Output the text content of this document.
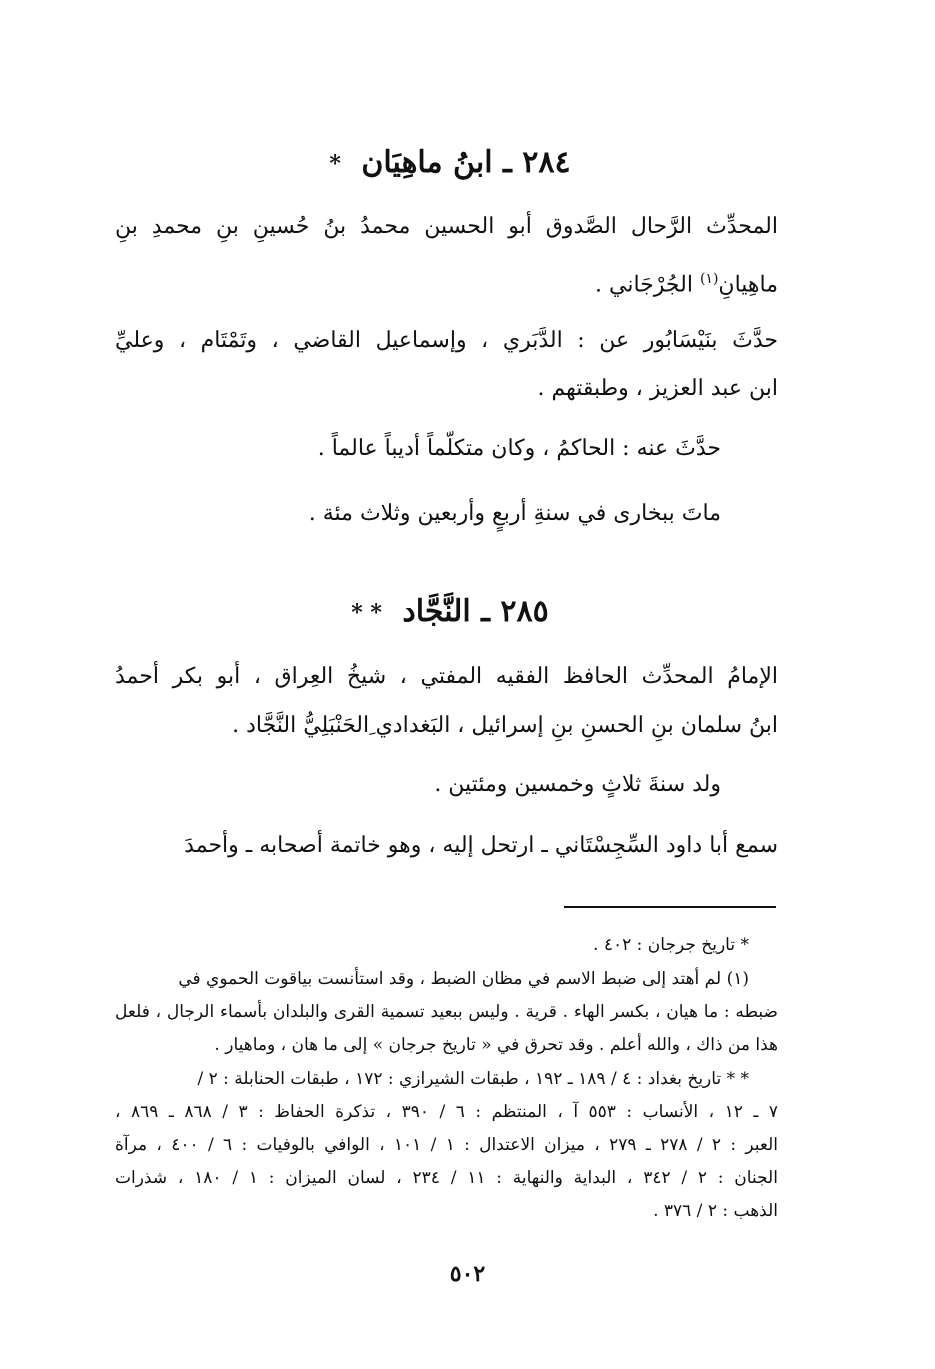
٢٨٤ ـ ابنُ ماهِيَان *
المحدِّث الرَّحال الصَّدوق أبو الحسين محمدُ بنُ حُسينِ بنِ محمدِ بنِ
ماهِيانِ$^{(١)}$ الجُرْجَاني .
حدَّثَ بنَيْسَابُور عن : الدَّبَري ، وإسماعيل القاضي ، وتَمْتَام ، وعليِّ
ابن عبد العزيز ، وطبقتهم .
حدَّثَ عنه : الحاكمُ ، وكان متكلّماً أديباً عالماً .
ماتَ ببخارى في سنةِ أربعٍ وأربعين وثلاث مئة .
٢٨٥ ـ النَّجَّاد * *
الإمامُ المحدِّث الحافظ الفقيه المفتي ، شيخُ العِراق ، أبو بكر أحمدُ
ابنُ سلمان بنِ الحسنِ بنِ إسرائيل ، البَغدادي ِالحَنْبَلِيُّ النَّجَّاد .
ولد سنةَ ثلاثٍ وخمسين ومئتين .
سمع أبا داود السِّجِسْتَاني ـ ارتحل إليه ، وهو خاتمة أصحابه ـ وأحمدَ
* تاريخ جرجان : ٤٠٢ .
(١) لم أهتد إلى ضبط الاسم في مظان الضبط ، وقد استأنست بياقوت الحموي في
ضبطه : ما هيان ، بكسر الهاء . قرية . وليس ببعيد تسمية القرى والبلدان بأسماء الرجال ، فلعل
هذا من ذاك ، والله أعلم . وقد تحرق في « تاريخ جرجان » إلى ما هان ، وماهيار .
* * تاريخ بغداد : ٤ / ١٨٩ ـ ١٩٢ ، طبقات الشيرازي : ١٧٢ ، طبقات الحنابلة : ٢ /
٧ ـ ١٢ ، الأنساب : ٥٥٣ آ ، المنتظم : ٦ / ٣٩٠ ، تذكرة الحفاظ : ٣ / ٨٦٨ ـ ٨٦٩ ،
العبر : ٢ / ٢٧٨ ـ ٢٧٩ ، ميزان الاعتدال : ١ / ١٠١ ، الوافي بالوفيات : ٦ / ٤٠٠ ، مرآة
الجنان : ٢ / ٣٤٢ ، البداية والنهاية : ١١ / ٢٣٤ ، لسان الميزان : ١ / ١٨٠ ، شذرات
الذهب : ٢ / ٣٧٦ .
٥٠٢
